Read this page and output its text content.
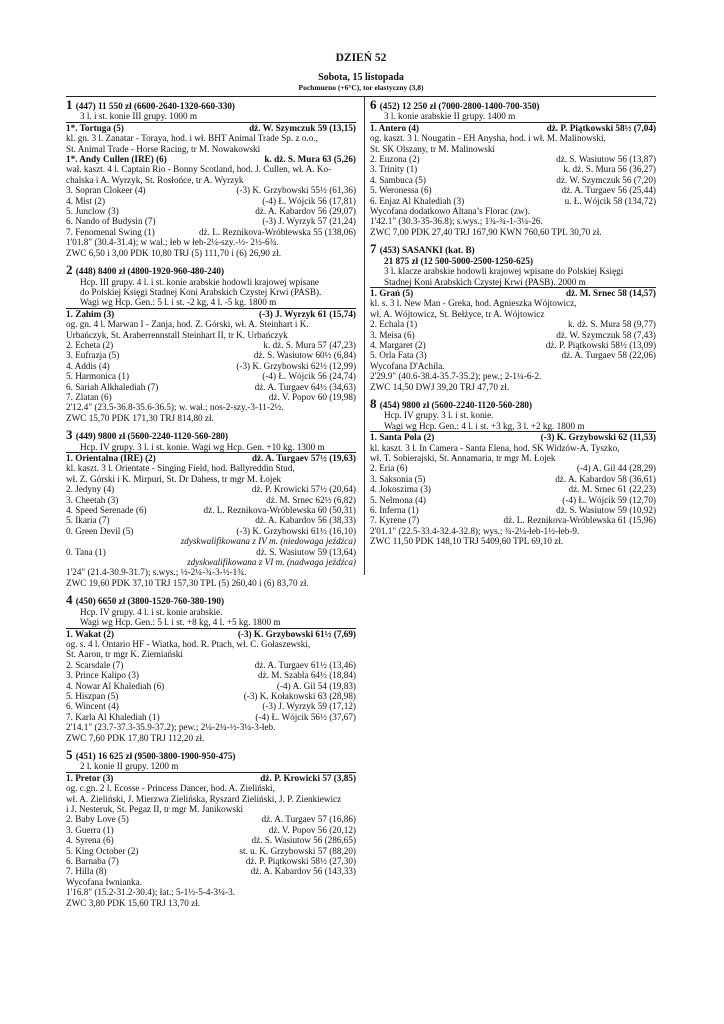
DZIEŃ 52
Sobota, 15 listopada
Pochmurno (+6°C), tor elastyczny (3,8)
1 (447) 11 550 zł (6600-2640-1320-660-330)
3 l. i st. konie III grupy. 1000 m
1*. Tortuga (5)	dż. W. Szymczuk 59 (13,15)
kl. gn. 3 l. Zanatar - Toraya, hod. i wł. BHT Animal Trade Sp. z o.o.,
St. Animal Trade - Horse Racing, tr M. Nowakowski
1*. Andy Cullen (IRE) (6)	k. dż. S. Mura 63 (5,26)
wał. kaszt. 4 l. Captain Rio - Bonny Scotland, hod. J. Cullen, wł. A. Ko-
chalska i A. Wyrzyk, St. Rosłońce, tr A. Wyrzyk
3. Sopran Clokeer (4)	(-3) K. Grzybowski 55½ (61,36)
4. Mist (2)	(-4) Ł. Wójcik 56 (17,81)
5. Junclow (3)	dż. A. Kabardov 56 (29,07)
6. Nando of Budysin (7)	(-3) J. Wyrzyk 57 (21,24)
7. Fenomenal Swing (1)	dż. L. Reznikova-Wróblewska 55 (138,06)
1'01.8" (30.4-31.4); w wal.; łeb w łeb-2¼-szy.-½- 2½-6¾.
ZWC 6,50 i 3,00 PDK 10,80 TRJ (5) 111,70 i (6) 26,90 zł.
2 (448) 8400 zł (4800-1920-960-480-240)
Hcp. III grupy. 4 l. i st. konie arabskie hodowli krajowej wpisane
do Polskiej Księgi Stadnej Koni Arabskich Czystej Krwi (PASB).
Wagi wg Hcp. Gen.: 5 l. i st. -2 kg, 4 l. -5 kg. 1800 m
1. Zahim (3)	(-3) J. Wyrzyk 61 (15,74)
og. gn. 4 l. Marwan I - Zanja, hod. Z. Górski, wł. A. Steinhart i K.
Urbańczyk, St. Araberrennstall Steinhart II, tr K. Urbańczyk
2. Echeta (2)	k. dż. S. Mura 57 (47,23)
3. Eufrazja (5)	dż. S. Wasiutow 60½ (6,84)
4. Addis (4)	(-3) K. Grzybowski 62½ (12,99)
5. Harmonica (1)	(-4) Ł. Wójcik 56 (24,74)
6. Sariah Alkhalediah (7)	dż. A. Turgaev 64½ (34,63)
7. Zlatan (6)	dż. V. Popov 60 (19,98)
2'12.4" (23.5-36.8-35.6-36.5); w. wał.; nos-2-szy.-3-11-2½.
ZWC 15,70 PDK 171,30 TRJ 814,80 zł.
3 (449) 9800 zł (5600-2240-1120-560-280)
Hcp. IV grupy. 3 l. i st. konie. Wagi wg Hcp. Gen. +10 kg. 1300 m
1. Orientalna (IRE) (2)	dż. A. Turgaev 57½ (19,63)
kl. kaszt. 3 l. Orientate - Singing Field, hod. Ballyreddin Stud,
wł. Z. Górski i K. Mirpuri, St. Dr Dahess, tr mgr M. Łojek
2. Jedyny (4)	dż. P. Krowicki 57½ (20,64)
3. Cheetah (3)	dż. M. Srnec 62½ (6,82)
4. Speed Serenade (6)	dż. L. Reznikova-Wróblewska 60 (50,31)
5. Ikaria (7)	dż. A. Kabardov 56 (38,33)
0. Green Devil (5)	(-3) K. Grzybowski 61½ (16,10)
zdyskwalifikowana z IV m. (niedowaga jeźdźca)
0. Tana (1)	dż. S. Wasiutow 59 (13,64)
zdyskwalifikowana z VI m. (nadwaga jeźdźca)
1'24" (21.4-30.9-31.7); s.wys.; ½-2¼-¾-3-½-1¾.
ZWC 19,60 PDK 37,10 TRJ 157,30 TPL (5) 260,40 i (6) 83,70 zł.
4 (450) 6650 zł (3800-1520-760-380-190)
Hcp. IV grupy. 4 l. i st. konie arabskie.
Wagi wg Hcp. Gen.: 5 l. i st. +8 kg, 4 l. +5 kg. 1800 m
1. Wakat (2)	(-3) K. Grzybowski 61½ (7,69)
og. s. 4 l. Ontario HF - Wiatka, hod. R. Ptach, wł. C. Gołaszewski,
St. Aaron, tr mgr K. Ziemiański
2. Scarsdale (7)	dż. A. Turgaev 61½ (13,46)
3. Prince Kalipo (3)	dż. M. Szabla 64½ (18,84)
4. Nowar Al Khalediah (6)	(-4) A. Gil 54 (19,83)
5. Hiszpan (5)	(-3) K. Kołakowski 63 (28,98)
6. Wincent (4)	(-3) J. Wyrzyk 59 (17,12)
7. Karla Al Khalediah (1)	(-4) Ł. Wójcik 56½ (37,67)
2'14.1" (23.7-37.3-35.9-37.2); pew.; 2¼-2¼-½-3¼-3-łeb.
ZWC 7,60 PDK 17,80 TRJ 112,20 zł.
5 (451) 16 625 zł (9500-3800-1900-950-475)
2 l. konie II grupy. 1200 m
1. Pretor (3)	dż. P. Krowicki 57 (3,85)
og. c.gn. 2 l. Ecosse - Princess Dancer, hod. A. Zieliński,
wł. A. Zieliński, J. Mierzwa Zielińska, Ryszard Zieliński, J. P. Zienkiewicz
i J. Nesteruk, St. Pegaz II, tr mgr M. Janikowski
2. Baby Love (5)	dż. A. Turgaev 57 (16,86)
3. Guerra (1)	dż. V. Popov 56 (20,12)
4. Syrena (6)	dż. S. Wasiutow 56 (286,65)
5. King October (2)	st. u. K. Grzybowski 57 (88,20)
6. Barnaba (7)	dż. P. Piątkowski 58½ (27,30)
7. Hilla (8)	dż. A. Kabardov 56 (143,33)
Wycofana Iwnianka.
1'16.8" (15.2-31.2-30.4); łat.; 5-1½-5-4-3¼-3.
ZWC 3,80 PDK 15,60 TRJ 13,70 zł.
6 (452) 12 250 zł (7000-2800-1400-700-350)
3 l. konie arabskie II grupy. 1400 m
1. Antero (4)	dż. P. Piątkowski 58½ (7,04)
og. kaszt. 3 l. Nougatin - EH Anysha, hod. i wł. M. Malinowski,
St. SK Olszany, tr M. Malinowski
2. Euzona (2)	dż. S. Wasiutow 56 (13,87)
3. Trinity (1)	k. dż. S. Mura 56 (36,27)
4. Sambuca (5)	dż. W. Szymczuk 56 (7,20)
5. Weronessa (6)	dż. A. Turgaev 56 (25,44)
6. Enjaz Al Khalediah (3)	u. Ł. Wójcik 58 (134,72)
Wycofana dodatkowo Altana’s Florac (zw).
1'42.1" (30.3-35-36.8); s.wys.; 1¾-¾-1-3¼-26.
ZWC 7,00 PDK 27,40 TRJ 167,90 KWN 760,60 TPL 30,70 zł.
7 (453) SASANKI (kat. B)
21 875 zł (12 500-5000-2500-1250-625)
3 l. klacze arabskie hodowli krajowej wpisane do Polskiej Księgi
Stadnej Koni Arabskich Czystej Krwi (PASB). 2000 m
1. Grań (5)	dż. M. Srnec 58 (14,57)
kl. s. 3 l. New Man - Greka, hod. Agnieszka Wójtowicz,
wł. A. Wójtowicz, St. Bełżyce, tr A. Wójtowicz
2. Echala (1)	k. dż. S. Mura 58 (9,77)
3. Meisa (6)	dż. W. Szymczuk 58 (7,43)
4. Margaret (2)	dż. P. Piątkowski 58½ (13,09)
5. Orla Fata (3)	dż. A. Turgaev 58 (22,06)
Wycofana D'Achila.
2'29.9" (40.6-38.4-35.7-35.2); pew.; 2-1¼-6-2.
ZWC 14,50 DWJ 39,20 TRJ 47,70 zł.
8 (454) 9800 zł (5600-2240-1120-560-280)
Hcp. IV grupy. 3 l. i st. konie.
Wagi wg Hcp. Gen.: 4 l. i st. +3 kg, 3 l. +2 kg. 1800 m
1. Santa Pola (2)	(-3) K. Grzybowski 62 (11,53)
kl. kaszt. 3 l. In Camera - Santa Elena, hod. SK Widzów-A. Tyszko,
wł. T. Sobierajski, St. Annamaria, tr mgr M. Łojek
2. Eria (6)	(-4) A. Gil 44 (28,29)
3. Saksonia (5)	dż. A. Kabardov 58 (36,61)
4. Jokoszima (3)	dż. M. Srnec 61 (22,23)
5. Nelmona (4)	(-4) Ł. Wójcik 59 (12,70)
6. Inferna (1)	dż. S. Wasiutow 59 (10,92)
7. Kyrene (7)	dż. L. Reznikova-Wróblewska 61 (15,96)
2'01.1" (22.5-33.4-32.4-32.8); wys.; ¾-2¼-łeb-1½-łeb-9.
ZWC 11,50 PDK 148,10 TRJ 5409,60 TPL 69,10 zł.
